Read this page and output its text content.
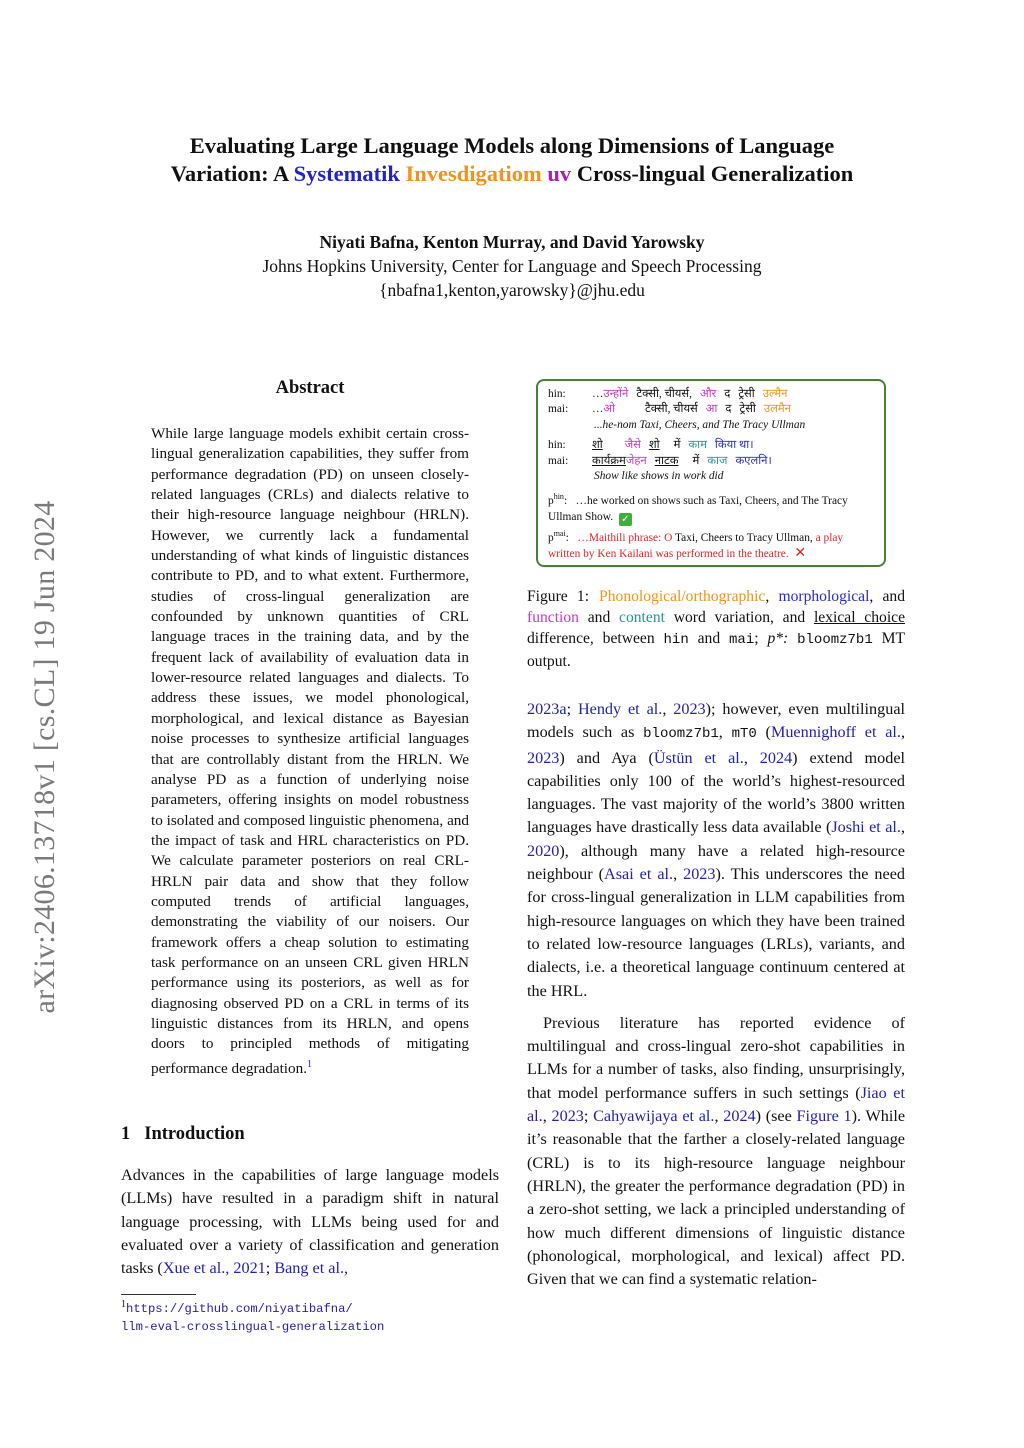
arXiv:2406.13718v1 [cs.CL] 19 Jun 2024
Evaluating Large Language Models along Dimensions of Language
Variation: A Systematik Invesdigatiom uv Cross-lingual Generalization
Niyati Bafna, Kenton Murray, and David Yarowsky
Johns Hopkins University, Center for Language and Speech Processing
{nbafna1,kenton,yarowsky}@jhu.edu
Abstract

While large language models exhibit certain cross-lingual generalization capabilities, they suffer from performance degradation (PD) on unseen closely-related languages (CRLs) and dialects relative to their high-resource language neighbour (HRLN). However, we currently lack a fundamental understanding of what kinds of linguistic distances contribute to PD, and to what extent. Furthermore, studies of cross-lingual generalization are confounded by unknown quantities of CRL language traces in the training data, and by the frequent lack of availability of evaluation data in lower-resource related languages and dialects. To address these issues, we model phonological, morphological, and lexical distance as Bayesian noise processes to synthesize artificial languages that are controllably distant from the HRLN. We analyse PD as a function of underlying noise parameters, offering insights on model robustness to isolated and composed linguistic phenomena, and the impact of task and HRL characteristics on PD. We calculate parameter posteriors on real CRL-HRLN pair data and show that they follow computed trends of artificial languages, demonstrating the viability of our noisers. Our framework offers a cheap solution to estimating task performance on an unseen CRL given HRLN performance using its posteriors, as well as for diagnosing observed PD on a CRL in terms of its linguistic distances from its HRLN, and opens doors to principled methods of mitigating performance degradation.$^1$

1 Introduction

Advances in the capabilities of large language models (LLMs) have resulted in a paradigm shift in natural language processing, with LLMs being used for and evaluated over a variety of classification and generation tasks (Xue et al., 2021; Bang et al.,

$^1$https://github.com/niyatibafna/
llm-eval-crosslingual-generalization
hin:	… उन्होंने टैक्सी, चीयर्स, और द ट्रेसी उल्मैन
mai:	… ओ	टैक्सी, चीयर्स आ द ट्रेसी उलमैन
...he-nom Taxi, Cheers, and The Tracy Ullman
hin:	शो जैसे शो में काम किया था।
mai:	कार्यक्रम जेहन नाटक में काज कएलनि।
Show like shows in work did
$p^{hin}$:   …he worked on shows such as Taxi, Cheers, and The Tracy Ullman Show. ✓
$p^{mai}$:   …Maithili phrase: O Taxi, Cheers to Tracy Ullman, a play written by Ken Kailani was performed in the theatre. ✕

Figure 1: Phonological/orthographic, morphological, and function and content word variation, and lexical choice difference, between hin and mai; p*: bloomz7b1 MT output.

2023a; Hendy et al., 2023); however, even multilingual models such as bloomz7b1, mT0 (Muennighoff et al., 2023) and Aya (Üstün et al., 2024) extend model capabilities only 100 of the world’s highest-resourced languages. The vast majority of the world’s 3800 written languages have drastically less data available (Joshi et al., 2020), although many have a related high-resource neighbour (Asai et al., 2023). This underscores the need for cross-lingual generalization in LLM capabilities from high-resource languages on which they have been trained to related low-resource languages (LRLs), variants, and dialects, i.e. a theoretical language continuum centered at the HRL.

Previous literature has reported evidence of multilingual and cross-lingual zero-shot capabilities in LLMs for a number of tasks, also finding, unsurprisingly, that model performance suffers in such settings (Jiao et al., 2023; Cahyawijaya et al., 2024) (see Figure 1). While it’s reasonable that the farther a closely-related language (CRL) is to its high-resource language neighbour (HRLN), the greater the performance degradation (PD) in a zero-shot setting, we lack a principled understanding of how much different dimensions of linguistic distance (phonological, morphological, and lexical) affect PD. Given that we can find a systematic relation-
